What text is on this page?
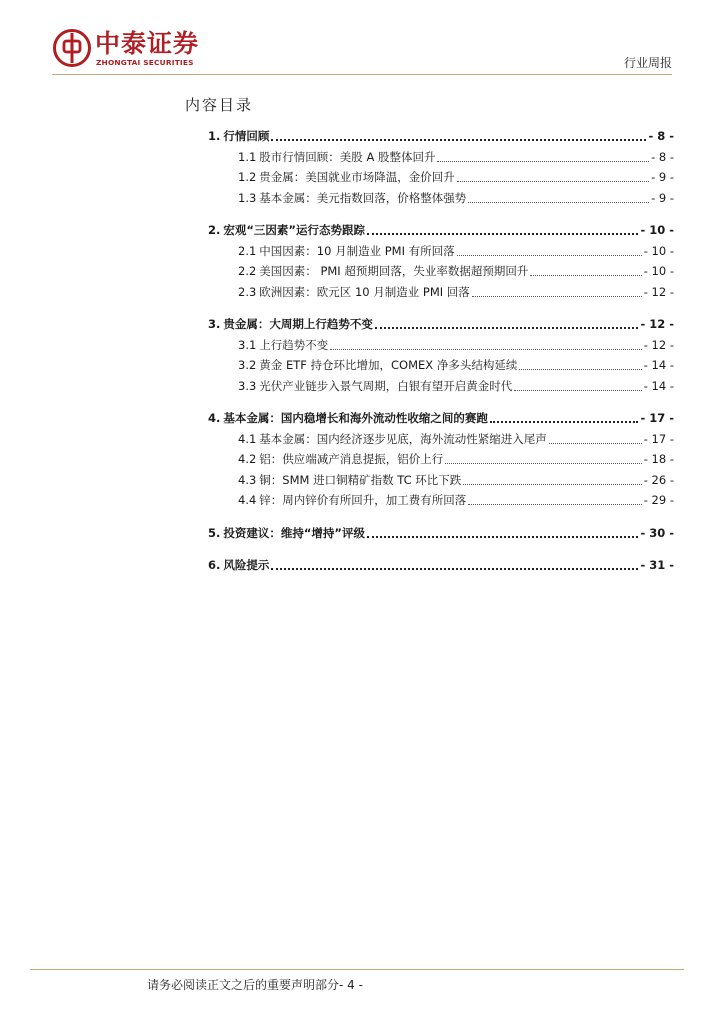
中泰证券
ZHONGTAI SECURITIES	行业周报
内容目录
1. 行情回顾	- 8 -
1.1 股市行情回顾：美股 A 股整体回升	- 8 -
1.2 贵金属：美国就业市场降温，金价回升	- 9 -
1.3 基本金属：美元指数回落，价格整体强势	- 9 -
2. 宏观“三因素”运行态势跟踪	- 10 -
2.1 中国因素：10 月制造业 PMI 有所回落	- 10 -
2.2 美国因素： PMI 超预期回落，失业率数据超预期回升	- 10 -
2.3 欧洲因素：欧元区 10 月制造业 PMI 回落	- 12 -
3. 贵金属：大周期上行趋势不变	- 12 -
3.1 上行趋势不变	- 12 -
3.2 黄金 ETF 持仓环比增加，COMEX 净多头结构延续	- 14 -
3.3 光伏产业链步入景气周期，白银有望开启黄金时代	- 14 -
4. 基本金属：国内稳增长和海外流动性收缩之间的赛跑	- 17 -
4.1 基本金属：国内经济逐步见底，海外流动性紧缩进入尾声	- 17 -
4.2 铝：供应端减产消息提振，铝价上行	- 18 -
4.3 铜：SMM 进口铜精矿指数 TC 环比下跌	- 26 -
4.4 锌：周内锌价有所回升，加工费有所回落	- 29 -
5. 投资建议：维持“增持”评级	- 30 -
6. 风险提示	- 31 -
请务必阅读正文之后的重要声明部分- 4 -
